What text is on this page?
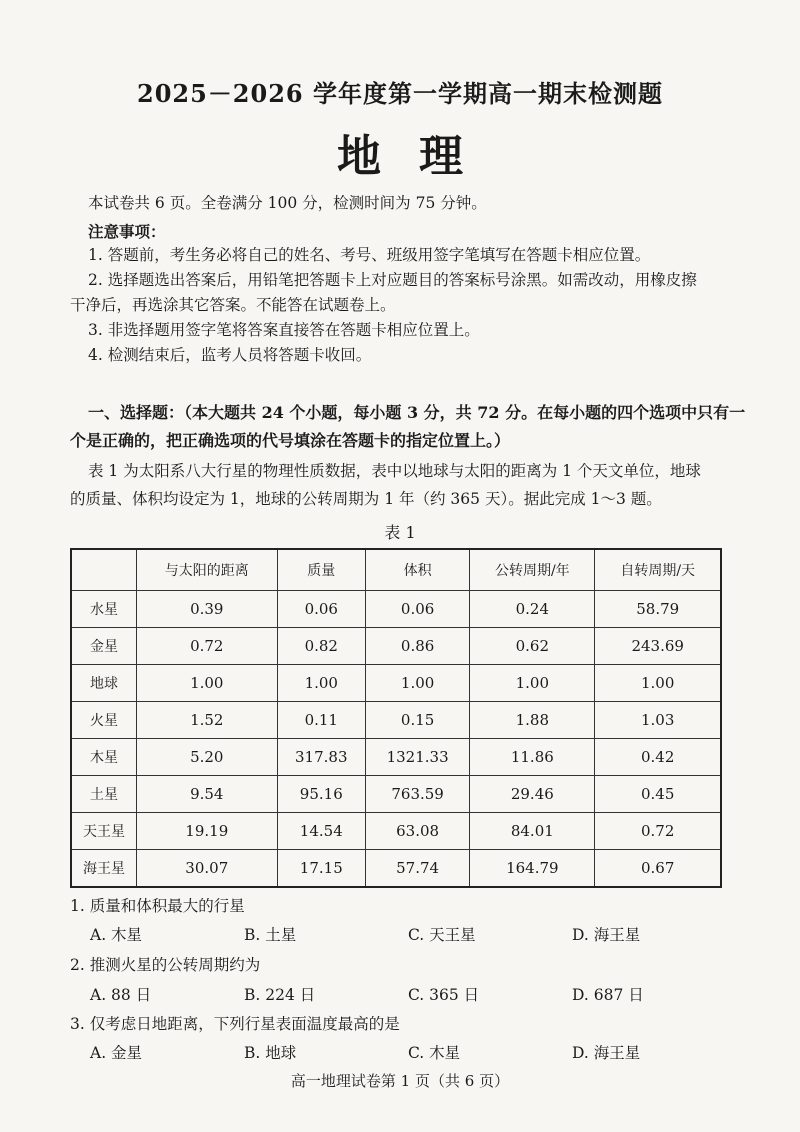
2025－2026 学年度第一学期高一期末检测题
地理
本试卷共 6 页。全卷满分 100 分，检测时间为 75 分钟。
注意事项：
1. 答题前，考生务必将自己的姓名、考号、班级用签字笔填写在答题卡相应位置。
2. 选择题选出答案后，用铅笔把答题卡上对应题目的答案标号涂黑。如需改动，用橡皮擦
干净后，再选涂其它答案。不能答在试题卷上。
3. 非选择题用签字笔将答案直接答在答题卡相应位置上。
4. 检测结束后，监考人员将答题卡收回。
一、选择题：（本大题共 24 个小题，每小题 3 分，共 72 分。在每小题的四个选项中只有一
个是正确的，把正确选项的代号填涂在答题卡的指定位置上。）
表 1 为太阳系八大行星的物理性质数据，表中以地球与太阳的距离为 1 个天文单位，地球
的质量、体积均设定为 1，地球的公转周期为 1 年（约 365 天）。据此完成 1～3 题。
表 1
	与太阳的距离	质量	体积	公转周期/年	自转周期/天
水星	0.39	0.06	0.06	0.24	58.79
金星	0.72	0.82	0.86	0.62	243.69
地球	1.00	1.00	1.00	1.00	1.00
火星	1.52	0.11	0.15	1.88	1.03
木星	5.20	317.83	1321.33	11.86	0.42
土星	9.54	95.16	763.59	29.46	0.45
天王星	19.19	14.54	63.08	84.01	0.72
海王星	30.07	17.15	57.74	164.79	0.67
1. 质量和体积最大的行星
A. 木星	B. 土星	C. 天王星	D. 海王星
2. 推测火星的公转周期约为
A. 88 日	B. 224 日	C. 365 日	D. 687 日
3. 仅考虑日地距离，下列行星表面温度最高的是
A. 金星	B. 地球	C. 木星	D. 海王星
高一地理试卷第 1 页（共 6 页）
